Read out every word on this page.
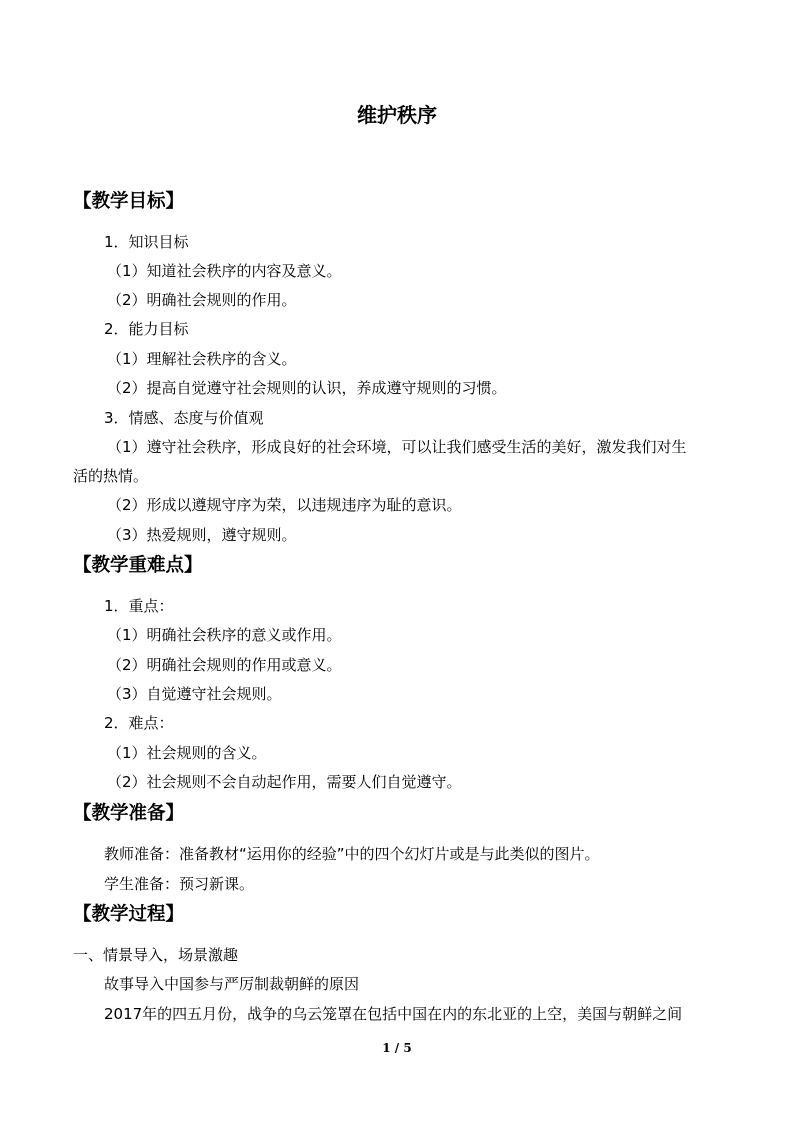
维护秩序
【教学目标】
1．知识目标
（1）知道社会秩序的内容及意义。
（2）明确社会规则的作用。
2．能力目标
（1）理解社会秩序的含义。
（2）提高自觉遵守社会规则的认识，养成遵守规则的习惯。
3．情感、态度与价值观
（1）遵守社会秩序，形成良好的社会环境，可以让我们感受生活的美好，激发我们对生
活的热情。
（2）形成以遵规守序为荣，以违规违序为耻的意识。
（3）热爱规则，遵守规则。
【教学重难点】
1．重点：
（1）明确社会秩序的意义或作用。
（2）明确社会规则的作用或意义。
（3）自觉遵守社会规则。
2．难点：
（1）社会规则的含义。
（2）社会规则不会自动起作用，需要人们自觉遵守。
【教学准备】
教师准备：准备教材“运用你的经验”中的四个幻灯片或是与此类似的图片。
学生准备：预习新课。
【教学过程】
一、情景导入，场景激趣
故事导入中国参与严厉制裁朝鲜的原因
2017年的四五月份，战争的乌云笼罩在包括中国在内的东北亚的上空，美国与朝鲜之间
1 / 5
